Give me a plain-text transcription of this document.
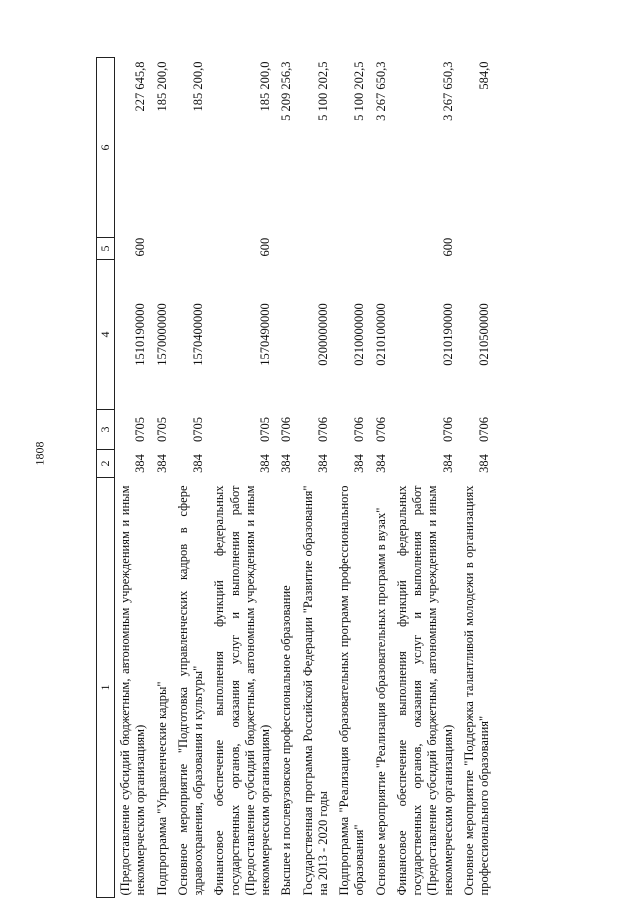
1808
1	2	3	4	5	6
(Предоставление субсидий бюджетным, автономным учреждениям и иным некоммерческим организациям)	384	0705	1510190000	600	227 645,8
Подпрограмма "Управленческие кадры"	384	0705	1570000000		185 200,0
Основное мероприятие "Подготовка управленческих кадров в сфере здравоохранения, образования и культуры"	384	0705	1570400000		185 200,0
Финансовое обеспечение выполнения функций федеральных государственных органов, оказания услуг и выполнения работ (Предоставление субсидий бюджетным, автономным учреждениям и иным некоммерческим организациям)	384	0705	1570490000	600	185 200,0
Высшее и послевузовское профессиональное образование	384	0706			5 209 256,3
Государственная программа Российской Федерации "Развитие образования" на 2013 - 2020 годы	384	0706	0200000000		5 100 202,5
Подпрограмма "Реализация образовательных программ профессионального образования"	384	0706	0210000000		5 100 202,5
Основное мероприятие "Реализация образовательных программ в вузах"	384	0706	0210100000		3 267 650,3
Финансовое обеспечение выполнения функций федеральных государственных органов, оказания услуг и выполнения работ (Предоставление субсидий бюджетным, автономным учреждениям и иным некоммерческим организациям)	384	0706	0210190000	600	3 267 650,3
Основное мероприятие "Поддержка талантливой молодежи в организациях профессионального образования"	384	0706	0210500000		584,0
